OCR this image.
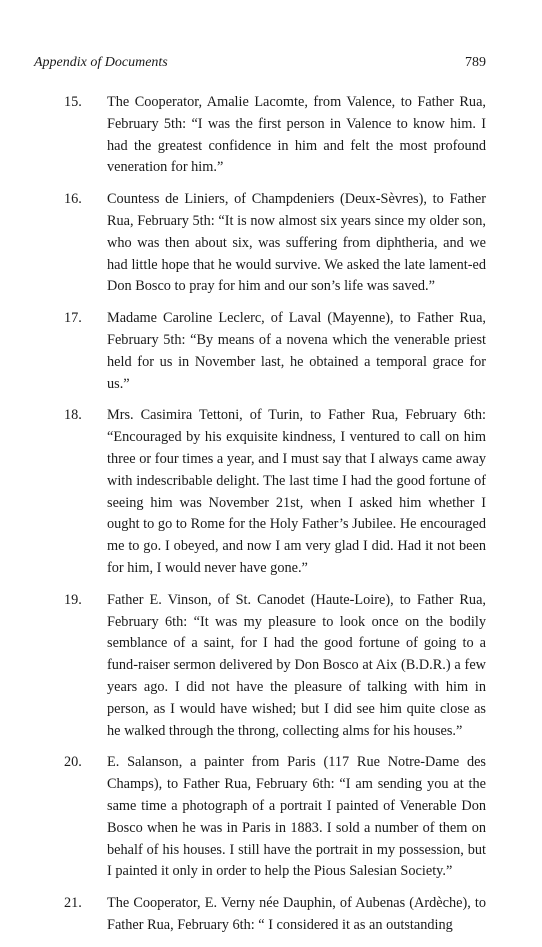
Appendix of Documents	789
15. The Cooperator, Amalie Lacomte, from Valence, to Father Rua, February 5th: “I was the first person in Valence to know him. I had the greatest confidence in him and felt the most profound veneration for him.”
16. Countess de Liniers, of Champdeniers (Deux-Sèvres), to Father Rua, February 5th: “It is now almost six years since my older son, who was then about six, was suffering from diphtheria, and we had little hope that he would survive. We asked the late lament-ed Don Bosco to pray for him and our son’s life was saved.”
17. Madame Caroline Leclerc, of Laval (Mayenne), to Father Rua, February 5th: “By means of a novena which the venerable priest held for us in November last, he obtained a temporal grace for us.”
18. Mrs. Casimira Tettoni, of Turin, to Father Rua, February 6th: “Encouraged by his exquisite kindness, I ventured to call on him three or four times a year, and I must say that I always came away with indescribable delight. The last time I had the good fortune of seeing him was November 21st, when I asked him whether I ought to go to Rome for the Holy Father’s Jubilee. He encouraged me to go. I obeyed, and now I am very glad I did. Had it not been for him, I would never have gone.”
19. Father E. Vinson, of St. Canodet (Haute-Loire), to Father Rua, February 6th: “It was my pleasure to look once on the bodily semblance of a saint, for I had the good fortune of going to a fund-raiser sermon delivered by Don Bosco at Aix (B.D.R.) a few years ago. I did not have the pleasure of talking with him in person, as I would have wished; but I did see him quite close as he walked through the throng, collecting alms for his houses.”
20. E. Salanson, a painter from Paris (117 Rue Notre-Dame des Champs), to Father Rua, February 6th: “I am sending you at the same time a photograph of a portrait I painted of Venerable Don Bosco when he was in Paris in 1883. I sold a number of them on behalf of his houses. I still have the portrait in my possession, but I painted it only in order to help the Pious Salesian Society.”
21. The Cooperator, E. Verny née Dauphin, of Aubenas (Ardèche), to Father Rua, February 6th: “ I considered it as an outstanding
